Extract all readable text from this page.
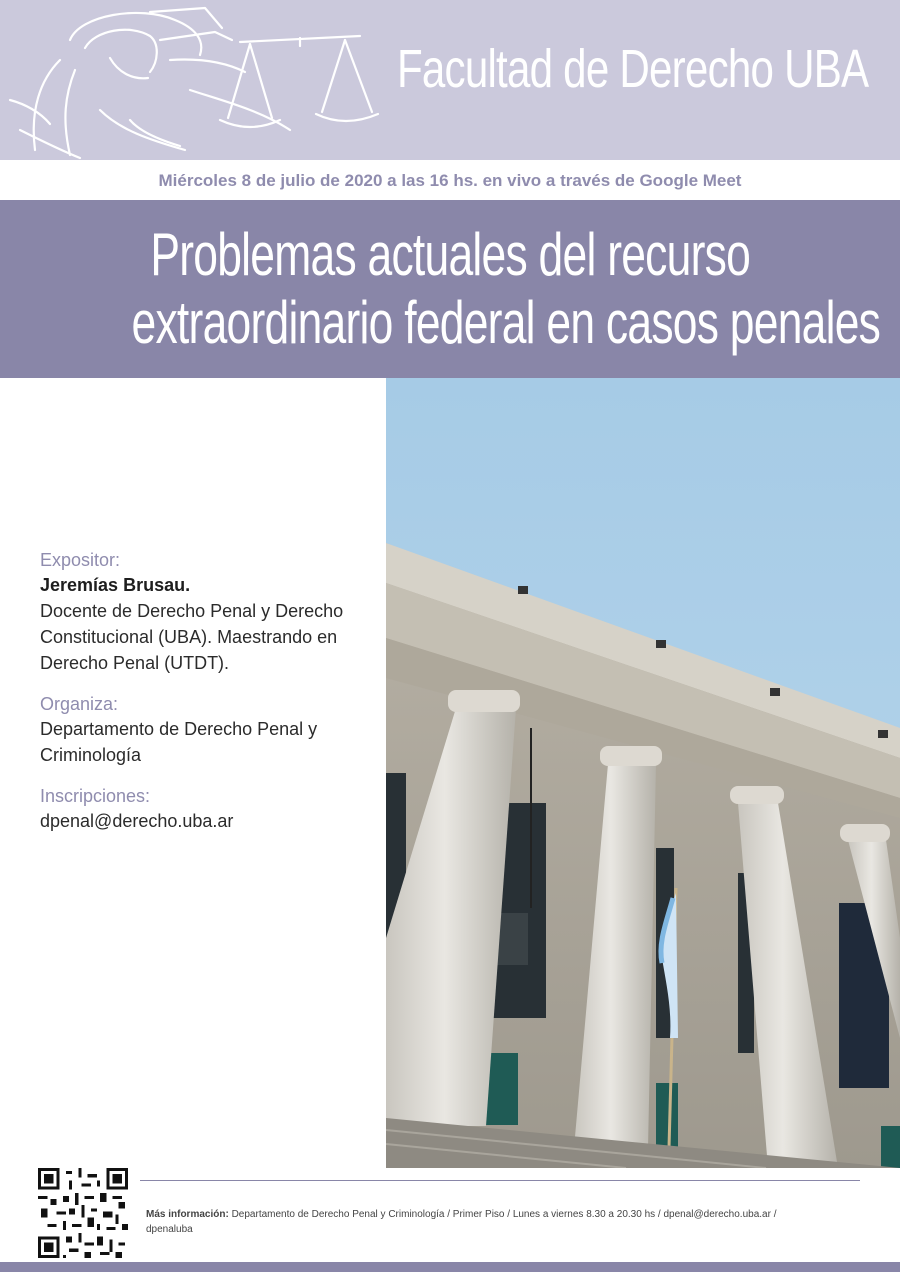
Facultad de Derecho UBA
Miércoles 8 de julio de 2020 a las 16 hs. en vivo a través de Google Meet
Problemas actuales del recurso
extraordinario federal en casos penales
Expositor:
Jeremías Brusau.
Docente de Derecho Penal y Derecho
Constitucional (UBA). Maestrando en
Derecho Penal (UTDT).
Organiza:
Departamento de Derecho Penal y
Criminología
Inscripciones:
dpenal@derecho.uba.ar
Más información: Departamento de Derecho Penal y Criminología / Primer Piso / Lunes a viernes 8.30 a 20.30 hs / dpenal@derecho.uba.ar /
dpenaluba
